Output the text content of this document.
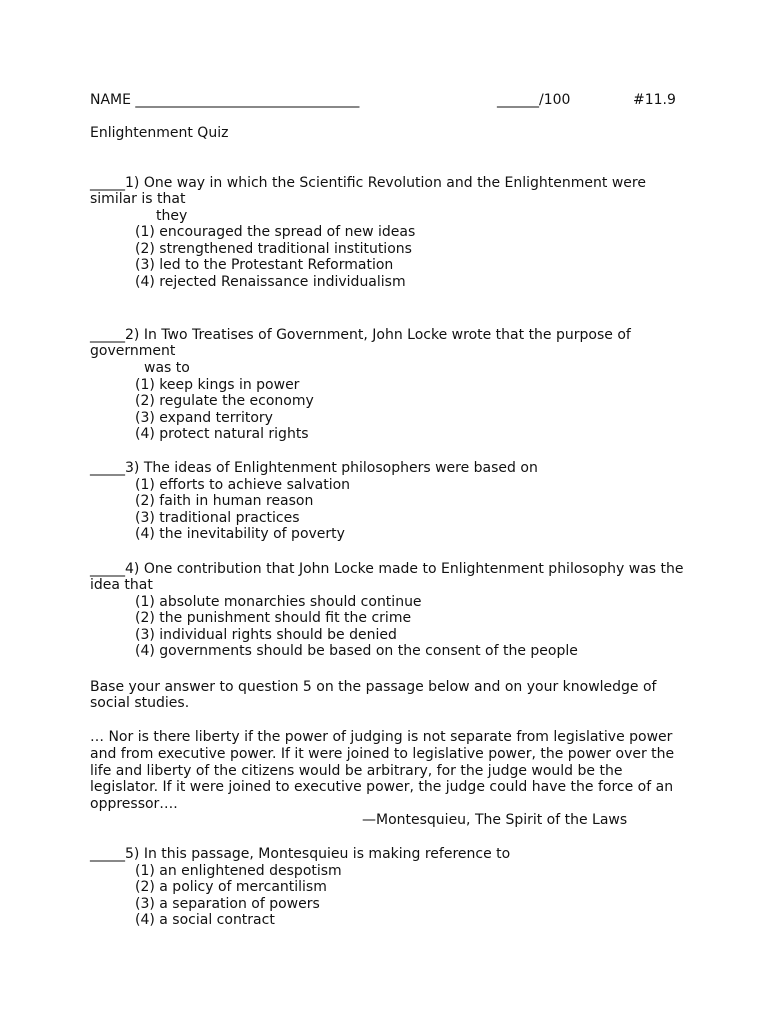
NAME ________________________________	______/100	#11.9
Enlightenment Quiz
_____1) One way in which the Scientific Revolution and the Enlightenment were
similar is that
they
(1) encouraged the spread of new ideas
(2) strengthened traditional institutions
(3) led to the Protestant Reformation
(4) rejected Renaissance individualism
_____2) In Two Treatises of Government, John Locke wrote that the purpose of
government
was to
(1) keep kings in power
(2) regulate the economy
(3) expand territory
(4) protect natural rights
_____3) The ideas of Enlightenment philosophers were based on
(1) efforts to achieve salvation
(2) faith in human reason
(3) traditional practices
(4) the inevitability of poverty
_____4) One contribution that John Locke made to Enlightenment philosophy was the
idea that
(1) absolute monarchies should continue
(2) the punishment should fit the crime
(3) individual rights should be denied
(4) governments should be based on the consent of the people
Base your answer to question 5 on the passage below and on your knowledge of
social studies.
… Nor is there liberty if the power of judging is not separate from legislative power
and from executive power. If it were joined to legislative power, the power over the
life and liberty of the citizens would be arbitrary, for the judge would be the
legislator. If it were joined to executive power, the judge could have the force of an
oppressor….
—Montesquieu, The Spirit of the Laws
_____5) In this passage, Montesquieu is making reference to
(1) an enlightened despotism
(2) a policy of mercantilism
(3) a separation of powers
(4) a social contract
